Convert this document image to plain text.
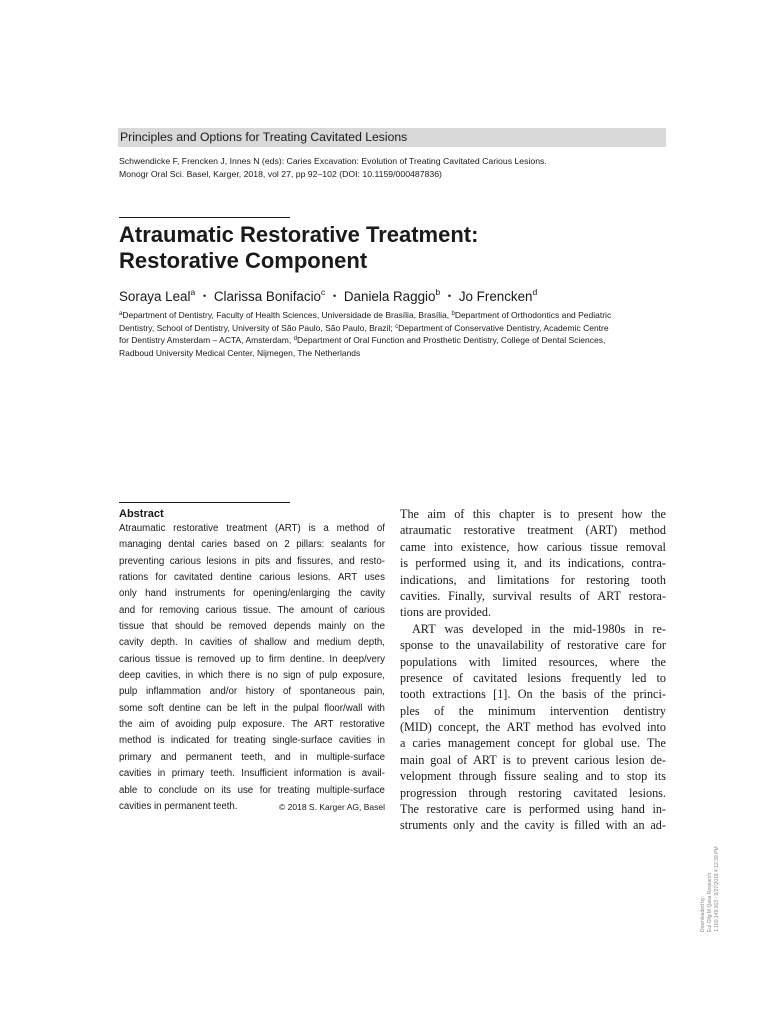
Principles and Options for Treating Cavitated Lesions
Schwendicke F, Frencken J, Innes N (eds): Caries Excavation: Evolution of Treating Cavitated Carious Lesions.
Monogr Oral Sci. Basel, Karger, 2018, vol 27, pp 92–102 (DOI: 10.1159/000487836)
Atraumatic Restorative Treatment:
Restorative Component
Soraya Leal$^a$ • Clarissa Bonifacio$^c$ • Daniela Raggio$^b$ • Jo Frencken$^d$
$^a$Department of Dentistry, Faculty of Health Sciences, Universidade de Brasília, Brasília, $^b$Department of Orthodontics and Pediatric
Dentistry, School of Dentistry, University of São Paulo, São Paulo, Brazil; $^c$Department of Conservative Dentistry, Academic Centre
for Dentistry Amsterdam – ACTA, Amsterdam, $^d$Department of Oral Function and Prosthetic Dentistry, College of Dental Sciences,
Radboud University Medical Center, Nijmegen, The Netherlands
Abstract
Atraumatic restorative treatment (ART) is a method of
managing dental caries based on 2 pillars: sealants for
preventing carious lesions in pits and fissures, and resto-
rations for cavitated dentine carious lesions. ART uses
only hand instruments for opening/enlarging the cavity
and for removing carious tissue. The amount of carious
tissue that should be removed depends mainly on the
cavity depth. In cavities of shallow and medium depth,
carious tissue is removed up to firm dentine. In deep/very
deep cavities, in which there is no sign of pulp exposure,
pulp inflammation and/or history of spontaneous pain,
some soft dentine can be left in the pulpal floor/wall with
the aim of avoiding pulp exposure. The ART restorative
method is indicated for treating single-surface cavities in
primary and permanent teeth, and in multiple-surface
cavities in primary teeth. Insufficient information is avail-
able to conclude on its use for treating multiple-surface
cavities in permanent teeth.	© 2018 S. Karger AG, Basel
The aim of this chapter is to present how the
atraumatic restorative treatment (ART) method
came into existence, how carious tissue removal
is performed using it, and its indications, contra-
indications, and limitations for restoring tooth
cavities. Finally, survival results of ART restora-
tions are provided.
ART was developed in the mid-1980s in re-
sponse to the unavailability of restorative care for
populations with limited resources, where the
presence of cavitated lesions frequently led to
tooth extractions [1]. On the basis of the princi-
ples of the minimum intervention dentistry
(MID) concept, the ART method has evolved into
a caries management concept for global use. The
main goal of ART is to prevent carious lesion de-
velopment through fissure sealing and to stop its
progression through restoring cavitated lesions.
The restorative care is performed using hand in-
struments only and the cavity is filled with an ad-
Downloaded by: Eul Ollg M Qasa Research 1.160.149.163 - 9/27/2018 4:12:39 PM
